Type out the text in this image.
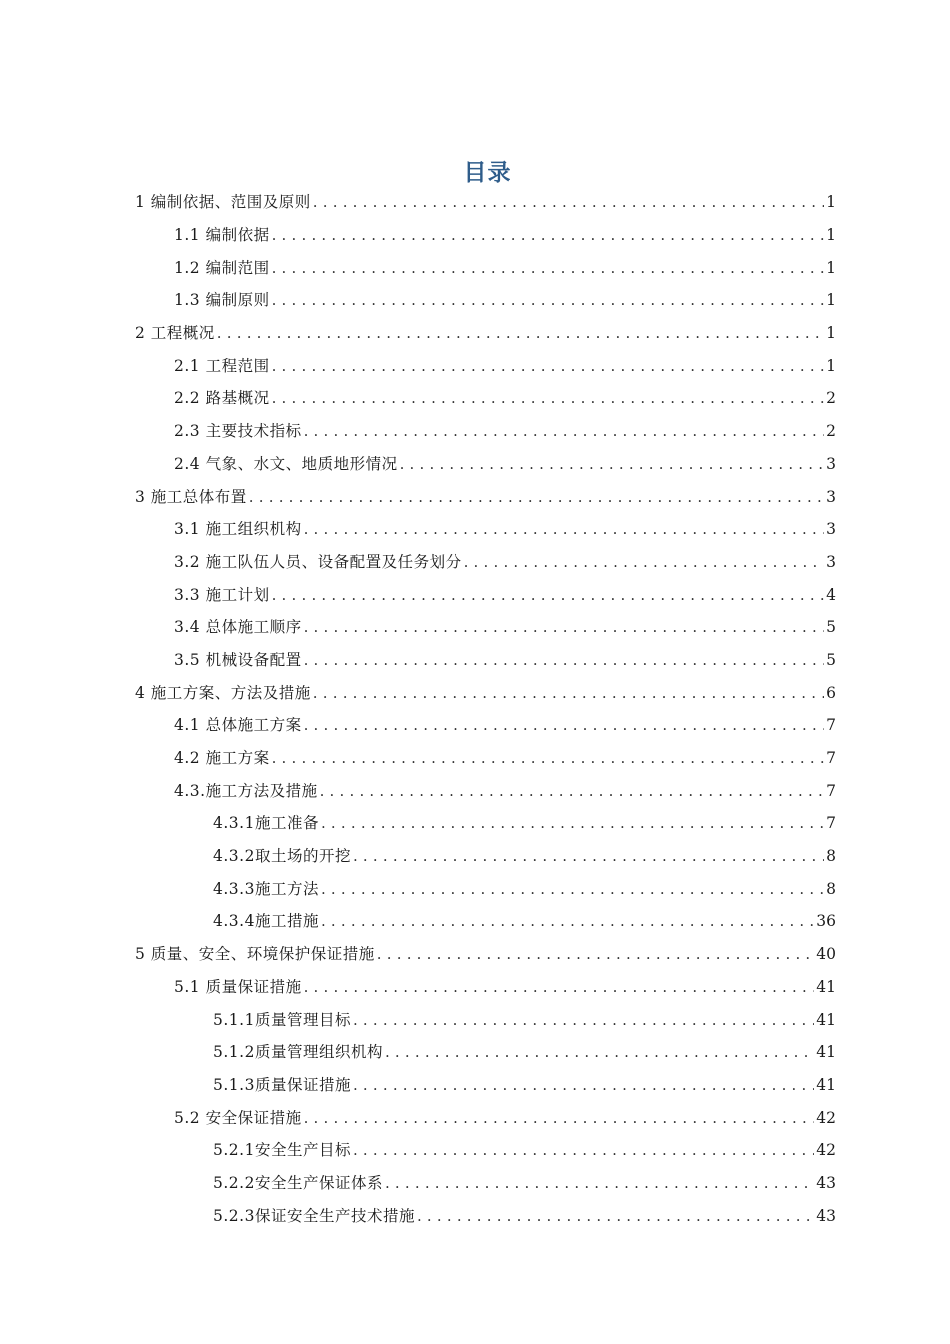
目录
1 编制依据、范围及原则 .....	1
1.1 编制依据 .....	1
1.2 编制范围 .....	1
1.3 编制原则 .....	1
2 工程概况 .....	1
2.1 工程范围 .....	1
2.2 路基概况 .....	2
2.3 主要技术指标 .....	2
2.4 气象、水文、地质地形情况 .....	3
3 施工总体布置 .....	3
3.1 施工组织机构 .....	3
3.2 施工队伍人员、设备配置及任务划分 .....	3
3.3 施工计划 .....	4
3.4 总体施工顺序 .....	5
3.5 机械设备配置 .....	5
4 施工方案、方法及措施 .....	6
4.1 总体施工方案 .....	7
4.2 施工方案 .....	7
4.3.施工方法及措施 .....	7
4.3.1施工准备 .....	7
4.3.2取土场的开挖 .....	8
4.3.3施工方法 .....	8
4.3.4施工措施 .....	36
5 质量、安全、环境保护保证措施 .....	40
5.1 质量保证措施 .....	41
5.1.1质量管理目标 .....	41
5.1.2质量管理组织机构 .....	41
5.1.3质量保证措施 .....	41
5.2 安全保证措施 .....	42
5.2.1安全生产目标 .....	42
5.2.2安全生产保证体系 .....	43
5.2.3保证安全生产技术措施 .....	43
